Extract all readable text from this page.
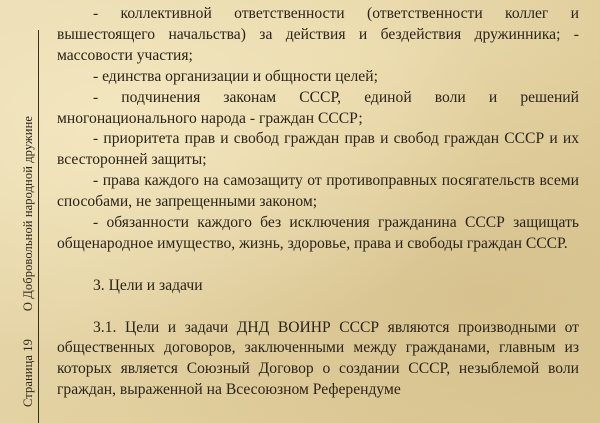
Страница 19О Добровольной народной дружине

- коллективной ответственности (ответственности коллег и вышестоящего начальства) за действия и бездействия дружинника; - массовости участия;

- единства организации и общности целей;

- подчинения законам СССР, единой воли и решений многонационального народа - граждан СССР;

- приоритета прав и свобод граждан прав и свобод граждан СССР и их всесторонней защиты;

- права каждого на самозащиту от противоправных посягательств всеми способами, не запрещенными законом;

- обязанности каждого без исключения гражданина СССР защищать общенародное имущество, жизнь, здоровье, права и свободы граждан СССР.

3. Цели и задачи

3.1. Цели и задачи ДНД ВОИНР СССР являются производными от общественных договоров, заключенными между гражданами, главным из которых является Союзный Договор о создании СССР, незыблемой воли граждан, выраженной на Всесоюзном Референдуме
